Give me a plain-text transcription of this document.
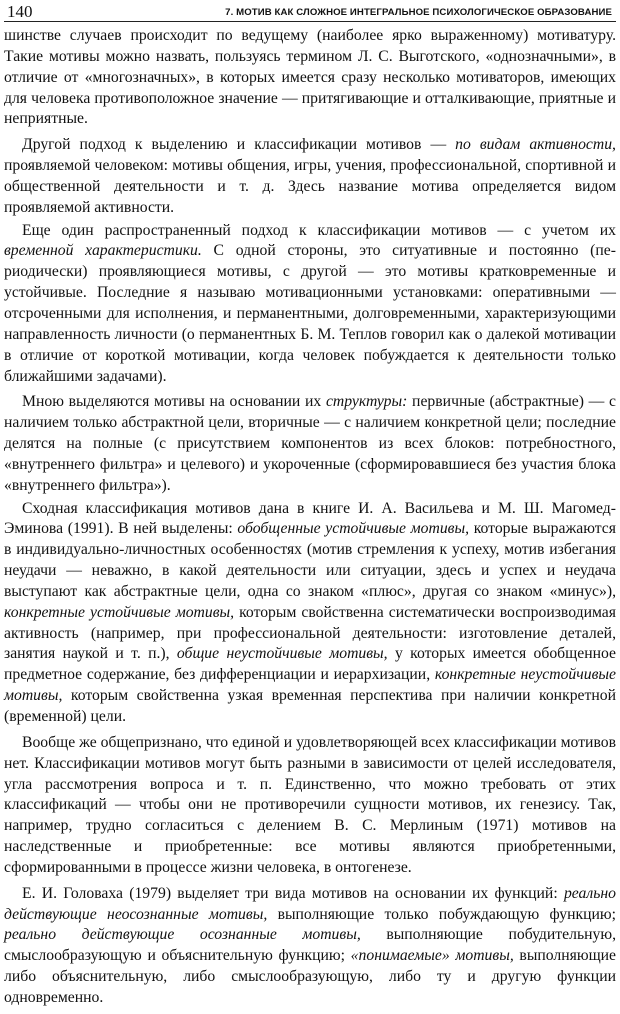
140	7. МОТИВ КАК СЛОЖНОЕ ИНТЕГРАЛЬНОЕ ПСИХОЛОГИЧЕСКОЕ ОБРАЗОВАНИЕ

шинстве случаев происходит по ведущему (наиболее ярко выраженному) мотиватуру. Такие мотивы можно назвать, пользуясь термином Л. С. Выготского, «однозначными», в отличие от «многозначных», в которых имеется сразу несколько мотиваторов, имеющих для человека противоположное значение — притягивающие и отталкивающие, приятные и неприятные.

Другой подход к выделению и классификации мотивов — по видам активности, проявляемой человеком: мотивы общения, игры, учения, профессиональной, спортивной и общественной деятельности и т. д. Здесь название мотива определяется видом проявляемой активности.

Еще один распространенный подход к классификации мотивов — с учетом их временной характеристики. С одной стороны, это ситуативные и постоянно (периодически) проявляющиеся мотивы, с другой — это мотивы кратковременные и устойчивые. Последние я называю мотивационными установками: оперативными — отсроченными для исполнения, и перманентными, долговременными, характеризующими направленность личности (о перманентных Б. М. Теплов говорил как о далекой мотивации в отличие от короткой мотивации, когда человек побуждается к деятельности только ближайшими задачами).

Мною выделяются мотивы на основании их структуры: первичные (абстрактные) — с наличием только абстрактной цели, вторичные — с наличием конкретной цели; последние делятся на полные (с присутствием компонентов из всех блоков: потребностного, «внутреннего фильтра» и целевого) и укороченные (сформировавшиеся без участия блока «внутреннего фильтра»).

Сходная классификация мотивов дана в книге И. А. Васильева и М. Ш. Магомед-Эминова (1991). В ней выделены: обобщенные устойчивые мотивы, которые выражаются в индивидуально-личностных особенностях (мотив стремления к успеху, мотив избегания неудачи — неважно, в какой деятельности или ситуации, здесь и успех и неудача выступают как абстрактные цели, одна со знаком «плюс», другая со знаком «минус»), конкретные устойчивые мотивы, которым свойственна систематически воспроизводимая активность (например, при профессиональной деятельности: изготовление деталей, занятия наукой и т. п.), общие неустойчивые мотивы, у которых имеется обобщенное предметное содержание, без дифференциации и иерархизации, конкретные неустойчивые мотивы, которым свойственна узкая временная перспектива при наличии конкретной (временной) цели.

Вообще же общепризнано, что единой и удовлетворяющей всех классификации мотивов нет. Классификации мотивов могут быть разными в зависимости от целей исследователя, угла рассмотрения вопроса и т. п. Единственно, что можно требовать от этих классификаций — чтобы они не противоречили сущности мотивов, их генезису. Так, например, трудно согласиться с делением В. С. Мерлиным (1971) мотивов на наследственные и приобретенные: все мотивы являются приобретенными, сформированными в процессе жизни человека, в онтогенезе.

Е. И. Головаха (1979) выделяет три вида мотивов на основании их функций: реально действующие неосознанные мотивы, выполняющие только побуждающую функцию; реально действующие осознанные мотивы, выполняющие побудительную, смыслообразующую и объяснительную функцию; «понимаемые» мотивы, выполняющие либо объяснительную, либо смыслообразующую, либо ту и другую функции одновременно.
